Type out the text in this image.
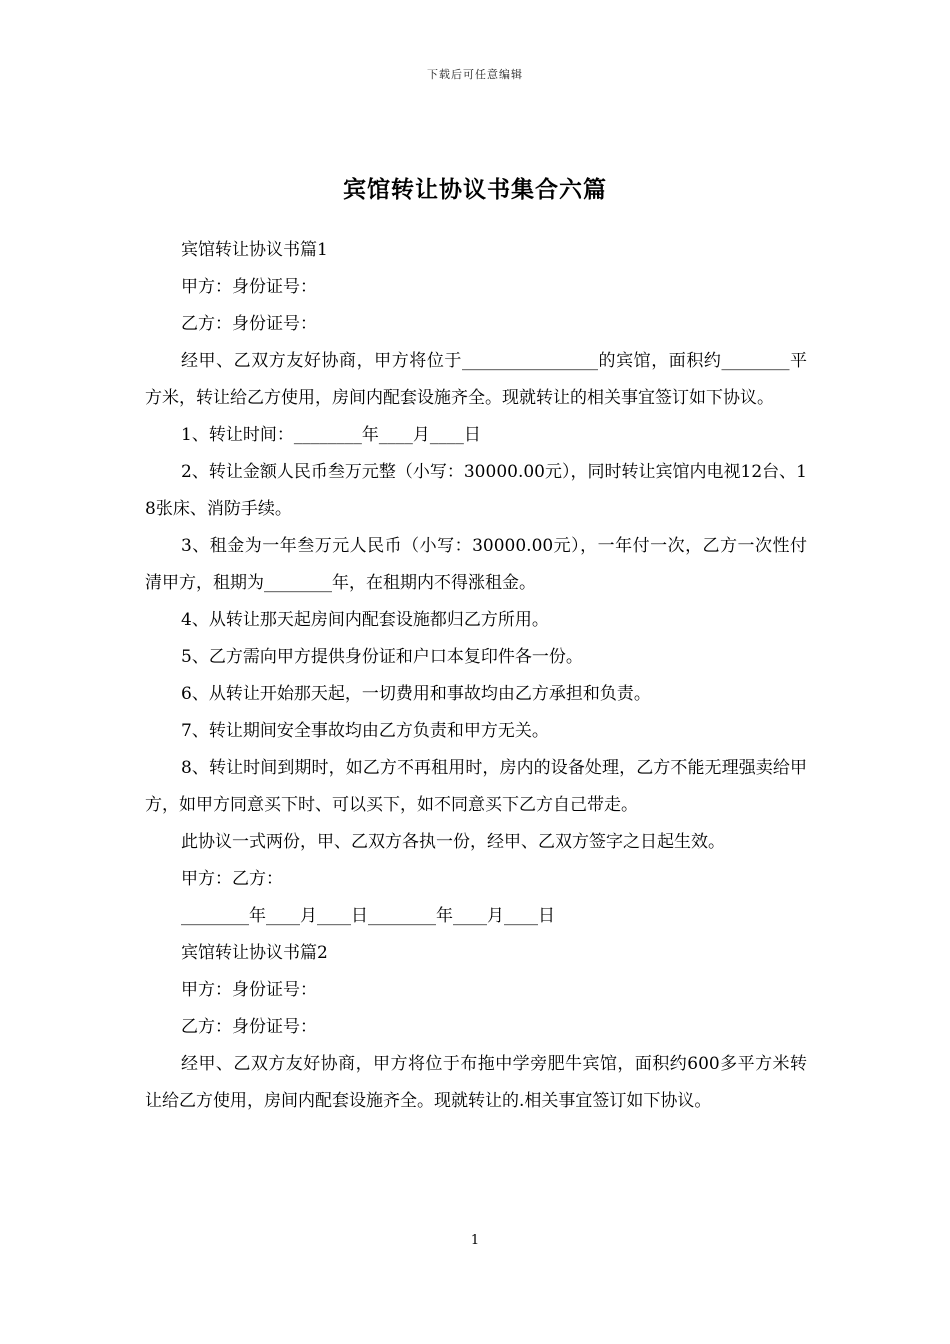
下载后可任意编辑
宾馆转让协议书集合六篇

宾馆转让协议书篇1

甲方：身份证号：

乙方：身份证号：

经甲、乙双方友好协商，甲方将位于________________的宾馆，面积约________平方米，转让给乙方使用，房间内配套设施齐全。现就转让的相关事宜签订如下协议。

1、转让时间：________年____月____日

2、转让金额人民币叁万元整（小写：30000.00元），同时转让宾馆内电视12台、18张床、消防手续。

3、租金为一年叁万元人民币（小写：30000.00元），一年付一次，乙方一次性付清甲方，租期为________年，在租期内不得涨租金。

4、从转让那天起房间内配套设施都归乙方所用。

5、乙方需向甲方提供身份证和户口本复印件各一份。

6、从转让开始那天起，一切费用和事故均由乙方承担和负责。

7、转让期间安全事故均由乙方负责和甲方无关。

8、转让时间到期时，如乙方不再租用时，房内的设备处理，乙方不能无理强卖给甲方，如甲方同意买下时、可以买下，如不同意买下乙方自己带走。

此协议一式两份，甲、乙双方各执一份，经甲、乙双方签字之日起生效。

甲方：乙方：

________年____月____日________年____月____日

宾馆转让协议书篇2

甲方：身份证号：

乙方：身份证号：

经甲、乙双方友好协商，甲方将位于布拖中学旁肥牛宾馆，面积约600多平方米转让给乙方使用，房间内配套设施齐全。现就转让的.相关事宜签订如下协议。

1
